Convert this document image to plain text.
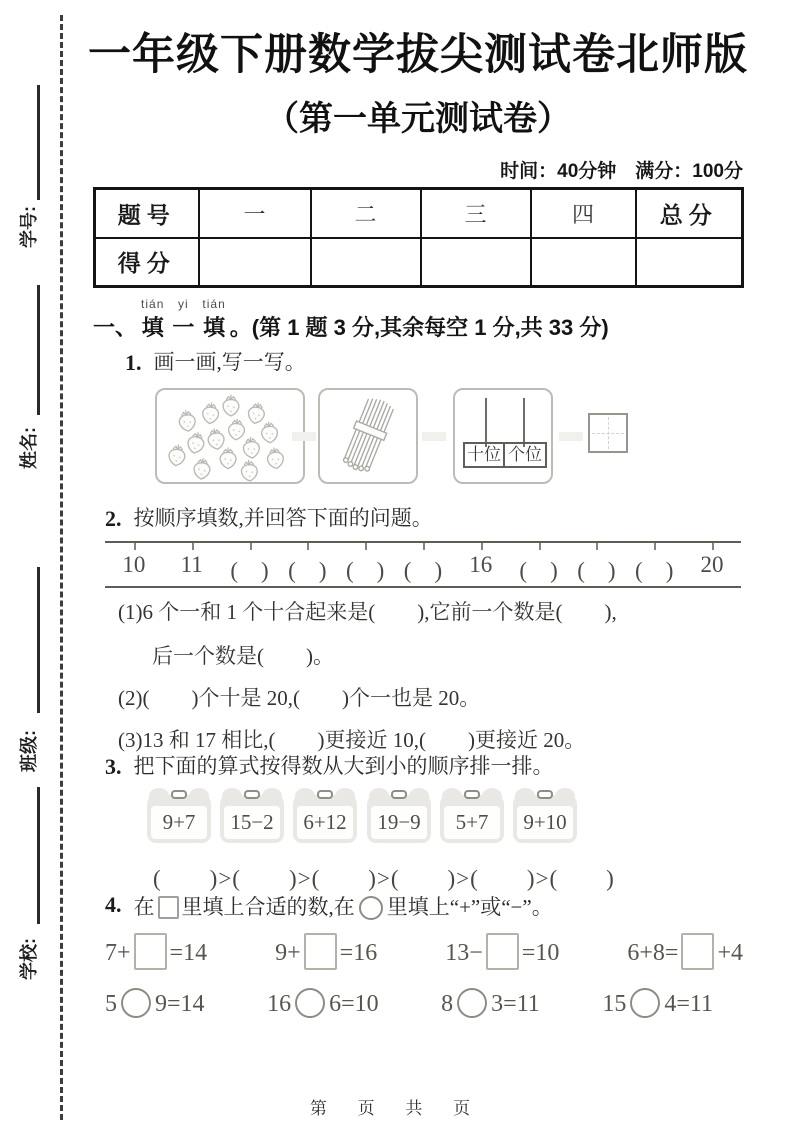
学号:
姓名:
班级:
学校:
一年级下册数学拔尖测试卷北师版
（第一单元测试卷）
时间：40分钟　满分：100分
题号	一	二	三	四	总分
得分					
一、
tián
填
yi
一
tián
填 。(第 1 题 3 分,其余每空 1 分,共 33 分)
1. 画一画,写一写。
十位 个位
2. 按顺序填数,并回答下面的问题。
10	11	(　) (　) (　) (　)	16	(　) (　) (　)	20
(1)6 个一和 1 个十合起来是(　　),它前一个数是(　　),
后一个数是(　　)。
(2)(　　)个十是 20,(　　)个一也是 20。
(3)13 和 17 相比,(　　)更接近 10,(　　)更接近 20。
3. 把下面的算式按得数从大到小的顺序排一排。
9+7	15−2	6+12	19−9	5+7	9+10
(　　)>(　　)>(　　)>(　　)>(　　)>(　　)
4. 在 里填上合适的数,在 里填上“+”或“−”。
7+ =14	9+ =16	13− =10	6+8= +4
5 9=14	16 6=10	8 3=11	15 4=11
第 页 共 页
